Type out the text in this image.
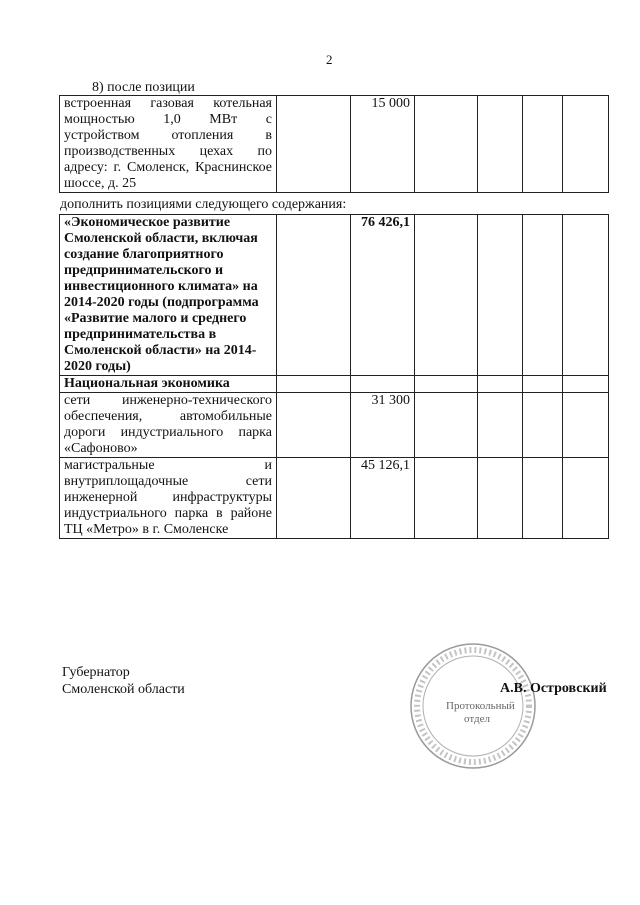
2
8) после позиции
встроенная газовая котельная мощностью 1,0 МВт с устройством отопления в производственных цехах по адресу: г. Смоленск, Краснинское шоссе, д. 25		15 000				
дополнить позициями следующего содержания:
«Экономическое развитие Смоленской области, включая создание благоприятного предпринимательского и инвестиционного климата» на 2014-2020 годы (подпрограмма «Развитие малого и среднего предпринимательства в Смоленской области» на 2014-2020 годы)		76 426,1				
Национальная экономика						
сети инженерно-технического обеспечения, автомобильные дороги индустриального парка «Сафоново»		31 300				
магистральные и внутриплощадочные сети инженерной инфраструктуры индустриального парка в районе ТЦ «Метро» в г. Смоленске		45 126,1				
Губернатор
Смоленской области
Протокольный
отдел
А.В. Островский
